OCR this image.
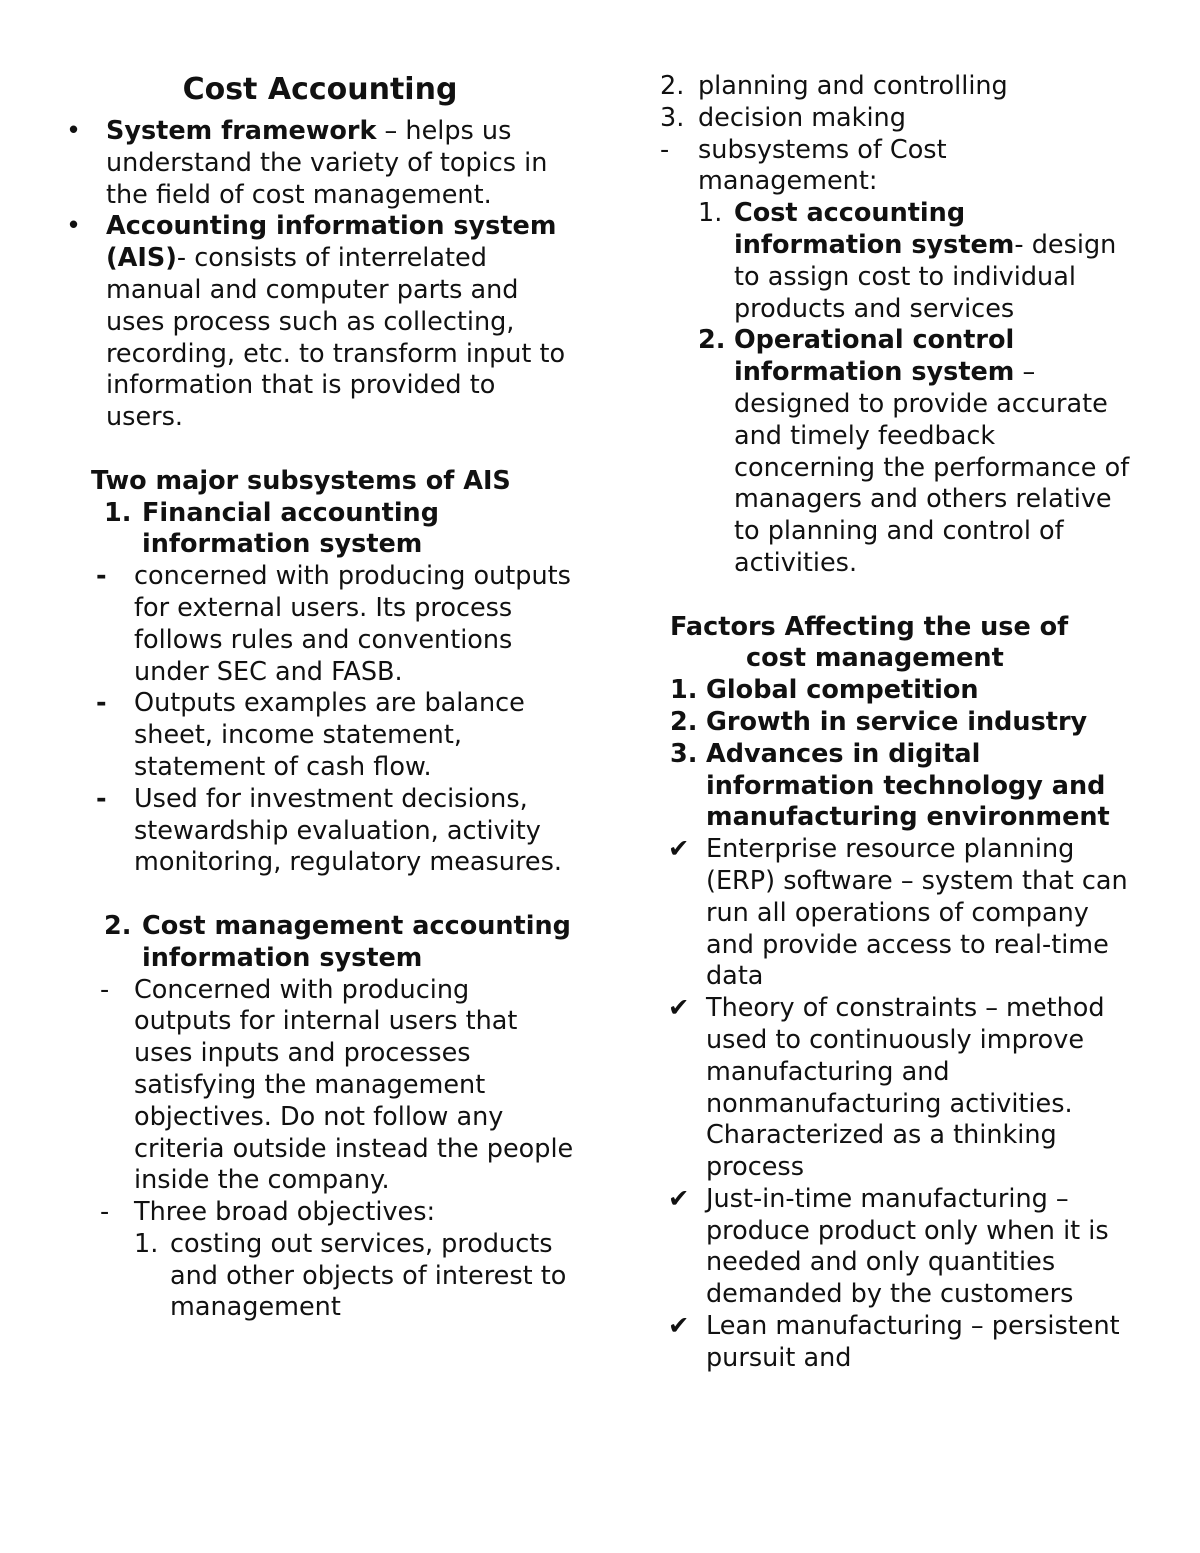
Cost Accounting
• System framework – helps us understand the variety of topics in the field of cost management.
• Accounting information system (AIS)- consists of interrelated manual and computer parts and uses process such as collecting, recording, etc. to transform input to information that is provided to users.
Two major subsystems of AIS
1. Financial accounting information system
- concerned with producing outputs for external users. Its process follows rules and conventions under SEC and FASB.
- Outputs examples are balance sheet, income statement, statement of cash flow.
- Used for investment decisions, stewardship evaluation, activity monitoring, regulatory measures.
2. Cost management accounting information system
- Concerned with producing outputs for internal users that uses inputs and processes satisfying the management objectives. Do not follow any criteria outside instead the people inside the company.
- Three broad objectives:
1. costing out services, products and other objects of interest to management
2. planning and controlling
3. decision making
- subsystems of Cost management:
1. Cost accounting information system- design to assign cost to individual products and services
2. Operational control information system – designed to provide accurate and timely feedback concerning the performance of managers and others relative to planning and control of activities.
Factors Affecting the use of
cost management
1. Global competition
2. Growth in service industry
3. Advances in digital information technology and manufacturing environment
✔ Enterprise resource planning (ERP) software – system that can run all operations of company and provide access to real-time data
✔ Theory of constraints – method used to continuously improve manufacturing and nonmanufacturing activities. Characterized as a thinking process
✔ Just-in-time manufacturing – produce product only when it is needed and only quantities demanded by the customers
✔ Lean manufacturing – persistent pursuit and
